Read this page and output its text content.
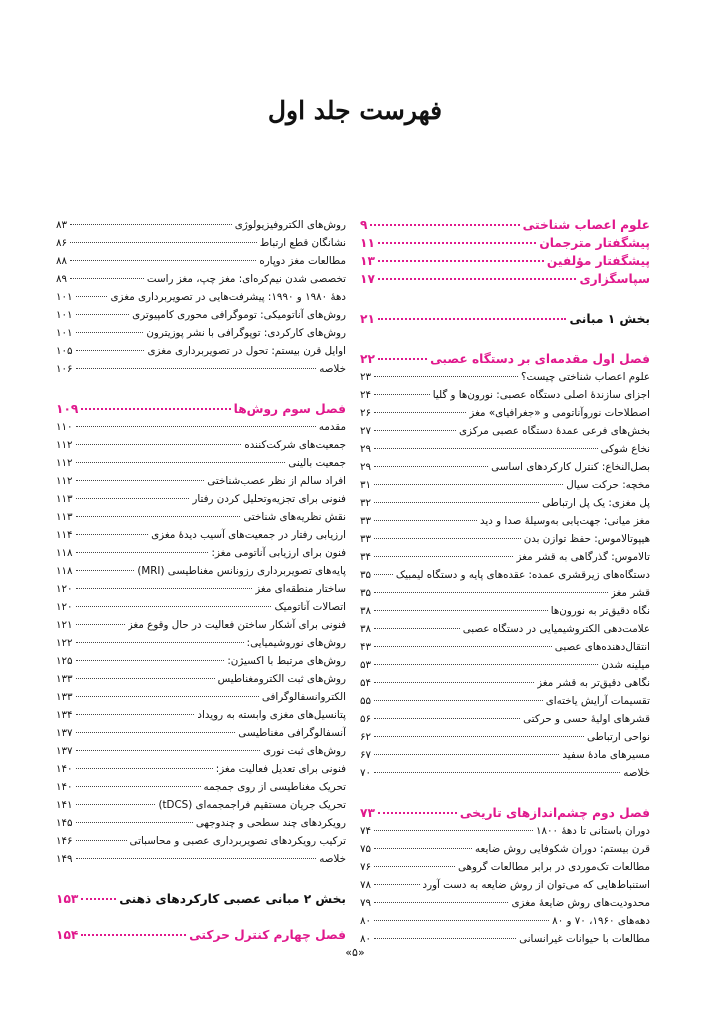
فهرست جلد اول
علوم اعصاب شناختی
۹
پیشگفتار مترجمان
۱۱
پیشگفتار مؤلفین
۱۳
سپاسگزاری
۱۷
بخش ۱ مبانی
۲۱
فصل اول مقدمه‌ای بر دستگاه عصبی
۲۲
علوم اعصاب شناختی چیست؟
۲۳
اجزای سازندهٔ اصلی دستگاه عصبی: نورون‌ها و گلیا
۲۴
اصطلاحات نوروآناتومی و «جغرافیای» مغز
۲۶
بخش‌های فرعی عمدهٔ دستگاه عصبی مرکزی
۲۷
نخاع شوکی
۲۹
بصل‌النخاع: کنترل کارکردهای اساسی
۲۹
مخچه: حرکت سیال
۳۱
پل مغزی: یک پل ارتباطی
۳۲
مغز میانی: جهت‌یابی به‌وسیلهٔ صدا و دید
۳۳
هیپوتالاموس: حفظ توازن بدن
۳۳
تالاموس: گذرگاهی به قشر مغز
۳۴
دستگاه‌های زیرقشری عمده: عقده‌های پایه و دستگاه لیمبیک
۳۵
قشر مغز
۳۵
نگاه دقیق‌تر به نورون‌ها
۳۸
علامت‌دهی الکتروشیمیایی در دستگاه عصبی
۳۸
انتقال‌دهنده‌های عصبی
۴۳
میلینه شدن
۵۳
نگاهی دقیق‌تر به قشر مغز
۵۴
تقسیمات آرایش یاخته‌ای
۵۵
قشرهای اولیهٔ حسی و حرکتی
۵۶
نواحی ارتباطی
۶۲
مسیرهای مادهٔ سفید
۶۷
خلاصه
۷۰
فصل دوم چشم‌اندازهای تاریخی
۷۳
دوران باستانی تا دههٔ ۱۸۰۰
۷۴
قرن بیستم: دوران شکوفایی روش ضایعه
۷۵
مطالعات تک‌موردی در برابر مطالعات گروهی
۷۶
استنباط‌هایی که می‌توان از روش ضایعه به دست آورد
۷۸
محدودیت‌های روش ضایعهٔ مغزی
۷۹
دهه‌های ۱۹۶۰، ۷۰ و ۸۰
۸۰
مطالعات با حیوانات غیرانسانی
۸۰
روش‌های الکتروفیزیولوژی
۸۳
نشانگان قطع ارتباط
۸۶
مطالعات مغز دوپاره
۸۸
تخصصی شدن نیم‌کره‌ای: مغز چپ، مغز راست
۸۹
دههٔ ۱۹۸۰ و ۱۹۹۰: پیشرفت‌هایی در تصویربرداری مغزی
۱۰۱
روش‌های آناتومیکی: توموگرافی محوری کامپیوتری
۱۰۱
روش‌های کارکردی: توپوگرافی با نشر پوزیترون
۱۰۱
اوایل قرن بیستم: تحول در تصویربرداری مغزی
۱۰۵
خلاصه
۱۰۶
فصل سوم روش‌ها
۱۰۹
مقدمه
۱۱۰
جمعیت‌های شرکت‌کننده
۱۱۲
جمعیت بالینی
۱۱۲
افراد سالم از نظر عصب‌شناختی
۱۱۲
فنونی برای تجزیه‌وتحلیل کردن رفتار
۱۱۳
نقش نظریه‌های شناختی
۱۱۳
ارزیابی رفتار در جمعیت‌های آسیب دیدهٔ مغزی
۱۱۴
فنون برای ارزیابی آناتومی مغز:
۱۱۸
پایه‌های تصویربرداری رزونانس مغناطیسی (MRI)
۱۱۸
ساختار منطقه‌ای مغز
۱۲۰
اتصالات آناتومیک
۱۲۰
فنونی برای آشکار ساختن فعالیت در حال وقوع مغز
۱۲۱
روش‌های نوروشیمیایی:
۱۲۲
روش‌های مرتبط با اکسیژن:
۱۲۵
روش‌های ثبت الکترومغناطیس
۱۳۳
الکتروانسفالوگرافی
۱۳۳
پتانسیل‌های مغزی وابسته به رویداد
۱۳۴
آنسفالوگرافی مغناطیسی
۱۳۷
روش‌های ثبت نوری
۱۳۷
فنونی برای تعدیل فعالیت مغز:
۱۴۰
تحریک مغناطیسی از روی جمجمه
۱۴۰
تحریک جریان مستقیم فراجمجمه‌ای (tDCS)
۱۴۱
رویکردهای چند سطحی و چندوجهی
۱۴۵
ترکیب رویکردهای تصویربرداری عصبی و محاسباتی
۱۴۶
خلاصه
۱۴۹
بخش ۲ مبانی عصبی کارکردهای ذهنی
۱۵۳
فصل چهارم کنترل حرکتی
۱۵۴
«۵»
